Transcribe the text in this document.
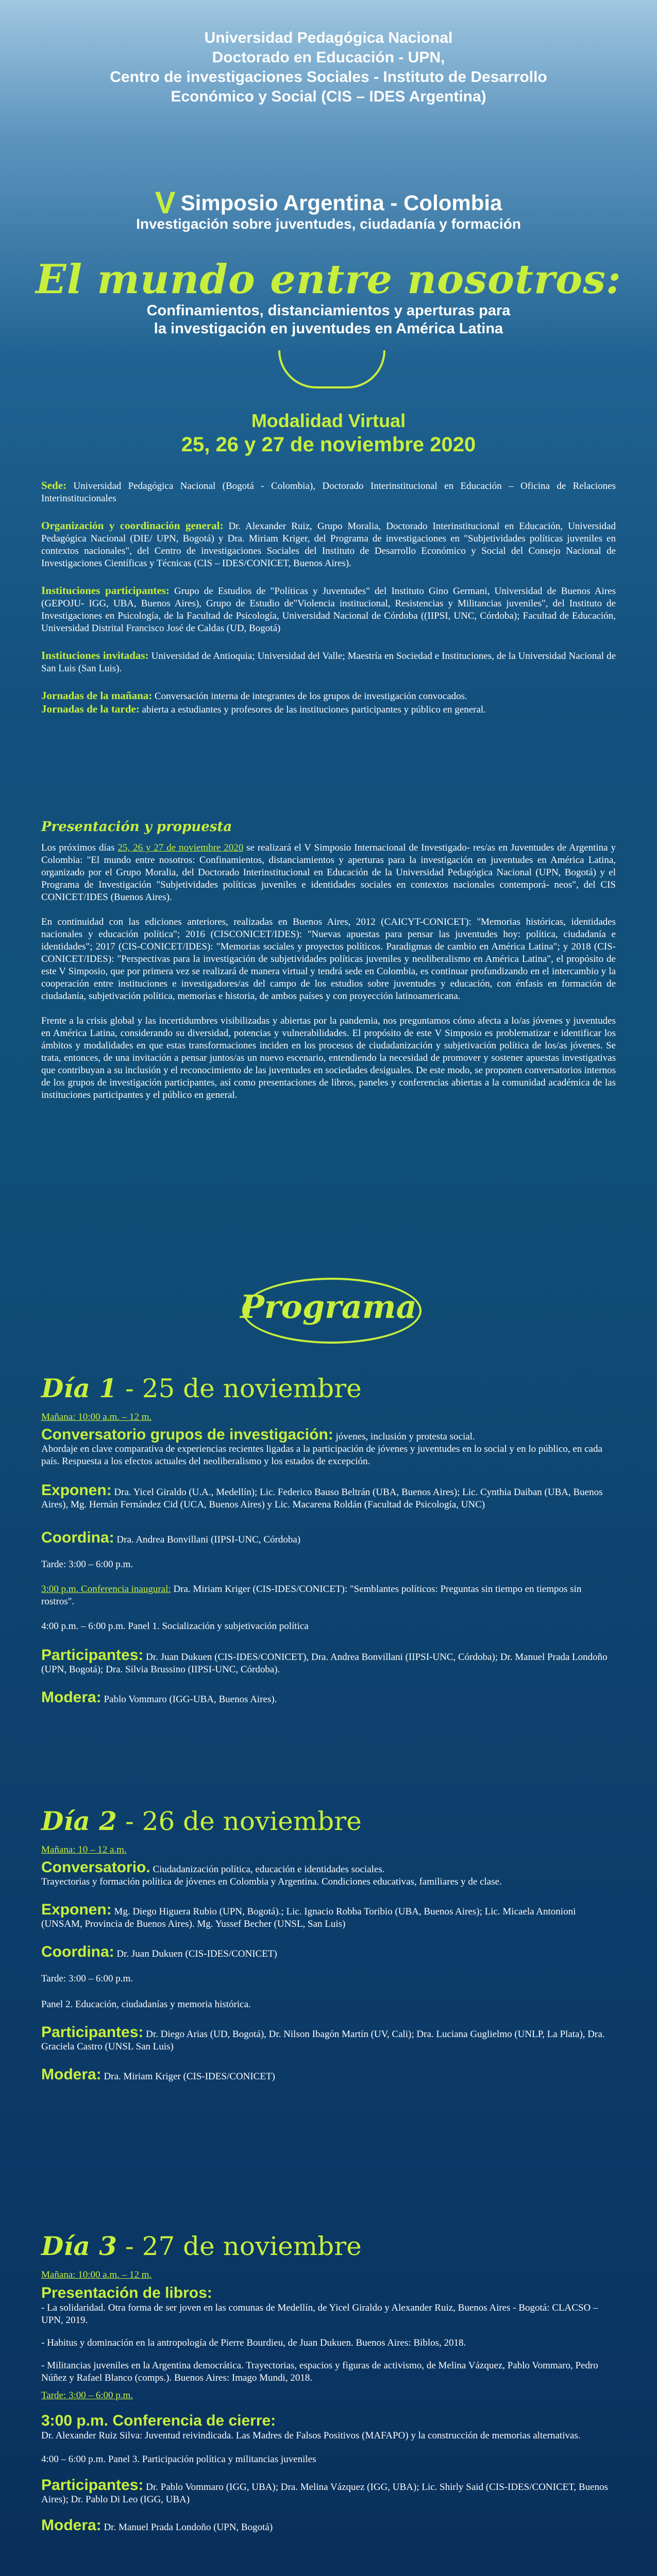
Universidad Pedagógica Nacional
Doctorado en Educación - UPN,
Centro de investigaciones Sociales - Instituto de Desarrollo
Económico y Social (CIS – IDES Argentina)
V Simposio Argentina - Colombia
Investigación sobre juventudes, ciudadanía y formación
El mundo entre nosotros:
Confinamientos, distanciamientos y aperturas para
la investigación en juventudes en América Latina
Modalidad Virtual
25, 26 y 27 de noviembre 2020

Sede: Universidad Pedagógica Nacional (Bogotá - Colombia), Doctorado Interinstitucional en Educación – Oficina de Relaciones Interinstitucionales

Organización y coordinación general: Dr. Alexander Ruiz, Grupo Moralia, Doctorado Interinstitucional en Educación, Universidad Pedagógica Nacional (DIE/ UPN, Bogotá) y Dra. Miriam Kriger, del Programa de investigaciones en "Subjetividades políticas juveniles en contextos nacionales", del Centro de investigaciones Sociales del Instituto de Desarrollo Económico y Social del Consejo Nacional de Investigaciones Científicas y Técnicas (CIS – IDES/CONICET, Buenos Aires).

Instituciones participantes: Grupo de Estudios de "Políticas y Juventudes" del Instituto Gino Germani, Universidad de Buenos Aires (GEPOJU- IGG, UBA, Buenos Aires), Grupo de Estudio de"Violencia institucional, Resistencias y Militancias juveniles", del Instituto de Investigaciones en Psicología, de la Facultad de Psicología, Universidad Nacional de Córdoba ((IIPSI, UNC, Córdoba); Facultad de Educación, Universidad Distrital Francisco José de Caldas (UD, Bogotá)

Instituciones invitadas: Universidad de Antioquia; Universidad del Valle; Maestría en Sociedad e Instituciones, de la Universidad Nacional de San Luis (San Luis).

Jornadas de la mañana: Conversación interna de integrantes de los grupos de investigación convocados.

Jornadas de la tarde: abierta a estudiantes y profesores de las instituciones participantes y público en general.

Presentación y propuesta

Los próximos días 25, 26 y 27 de noviembre 2020 se realizará el V Simposio Internacional de Investigado- res/as en Juventudes de Argentina y Colombia: "El mundo entre nosotros: Confinamientos, distanciamientos y aperturas para la investigación en juventudes en América Latina, organizado por el Grupo Moralia, del Doctorado Interinstitucional en Educación de la Universidad Pedagógica Nacional (UPN, Bogotá) y el Programa de Investigación "Subjetividades políticas juveniles e identidades sociales en contextos nacionales contemporá- neos", del CIS CONICET/IDES (Buenos Aires).

En continuidad con las ediciones anteriores, realizadas en Buenos Aires, 2012 (CAICYT-CONICET): "Memorias históricas, identidades nacionales y educación política"; 2016 (CISCONICET/IDES): "Nuevas apuestas para pensar las juventudes hoy: política, ciudadanía e identidades"; 2017 (CIS-CONICET/IDES): "Memorias sociales y proyectos políticos. Paradigmas de cambio en América Latina"; y 2018 (CIS-CONICET/IDES): "Perspectivas para la investigación de subjetividades políticas juveniles y neoliberalismo en América Latina", el propósito de este V Simposio, que por primera vez se realizará de manera virtual y tendrá sede en Colombia, es continuar profundizando en el intercambio y la cooperación entre instituciones e investigadores/as del campo de los estudios sobre juventudes y educación, con énfasis en formación de ciudadanía, subjetivación política, memorias e historia, de ambos países y con proyección latinoamericana.

Frente a la crisis global y las incertidumbres visibilizadas y abiertas por la pandemia, nos preguntamos cómo afecta a lo/as jóvenes y juventudes en América Latina, considerando su diversidad, potencias y vulnerabilidades. El propósito de este V Simposio es problematizar e identificar los ámbitos y modalidades en que estas transformaciones inciden en los procesos de ciudadanización y subjetivación política de los/as jóvenes. Se trata, entonces, de una invitación a pensar juntos/as un nuevo escenario, entendiendo la necesidad de promover y sostener apuestas investigativas que contribuyan a su inclusión y el reconocimiento de las juventudes en sociedades desiguales. De este modo, se proponen conversatorios internos de los grupos de investigación participantes, así como presentaciones de libros, paneles y conferencias abiertas a la comunidad académica de las instituciones participantes y el público en general.

Programa
Día 1 - 25 de noviembre
Mañana: 10:00 a.m. – 12 m.
Conversatorio grupos de investigación: jóvenes, inclusión y protesta social.
Abordaje en clave comparativa de experiencias recientes ligadas a la participación de jóvenes y juventudes en lo social y en lo público, en cada país. Respuesta a los efectos actuales del neoliberalismo y los estados de excepción.
Exponen: Dra. Yicel Giraldo (U.A., Medellín); Lic. Federico Bauso Beltrán (UBA, Buenos Aires); Lic. Cynthia Daiban (UBA, Buenos Aires), Mg. Hernán Fernández Cid (UCA, Buenos Aires) y Lic. Macarena Roldán (Facultad de Psicología, UNC)
Coordina: Dra. Andrea Bonvillani (IIPSI-UNC, Córdoba)
Tarde: 3:00 – 6:00 p.m.
3:00 p.m. Conferencia inaugural: Dra. Miriam Kriger (CIS-IDES/CONICET): "Semblantes políticos: Preguntas sin tiempo en tiempos sin rostros".
4:00 p.m. – 6:00 p.m. Panel 1. Socialización y subjetivación política
Participantes: Dr. Juan Dukuen (CIS-IDES/CONICET), Dra. Andrea Bonvillani (IIPSI-UNC, Córdoba); Dr. Manuel Prada Londoño (UPN, Bogotá); Dra. Silvia Brussino (IIPSI-UNC, Córdoba).
Modera: Pablo Vommaro (IGG-UBA, Buenos Aires).
Día 2 - 26 de noviembre
Mañana: 10 – 12 a.m.
Conversatorio. Ciudadanización política, educación e identidades sociales.
Trayectorias y formación política de jóvenes en Colombia y Argentina. Condiciones educativas, familiares y de clase.
Exponen: Mg. Diego Higuera Rubio (UPN, Bogotá).; Lic. Ignacio Robba Toribio (UBA, Buenos Aires); Lic. Micaela Antonioni (UNSAM, Provincia de Buenos Aires). Mg. Yussef Becher (UNSL, San Luis)
Coordina: Dr. Juan Dukuen (CIS-IDES/CONICET)
Tarde: 3:00 – 6:00 p.m.
Panel 2. Educación, ciudadanías y memoria histórica.
Participantes: Dr. Diego Arias (UD, Bogotá), Dr. Nilson Ibagón Martín (UV, Cali); Dra. Luciana Guglielmo (UNLP, La Plata), Dra. Graciela Castro (UNSL San Luis)
Modera: Dra. Miriam Kriger (CIS-IDES/CONICET)
Día 3 - 27 de noviembre
Mañana: 10:00 a.m. – 12 m.
Presentación de libros:
- La solidaridad. Otra forma de ser joven en las comunas de Medellín, de Yicel Giraldo y Alexander Ruiz, Buenos Aires - Bogotá: CLACSO – UPN, 2019.
- Habitus y dominación en la antropología de Pierre Bourdieu, de Juan Dukuen. Buenos Aires: Biblos, 2018.
- Militancias juveniles en la Argentina democrática. Trayectorias, espacios y figuras de activismo, de Melina Vázquez, Pablo Vommaro, Pedro Núñez y Rafael Blanco (comps.). Buenos Aires: Imago Mundi, 2018.
Tarde: 3:00 – 6:00 p.m.
3:00 p.m. Conferencia de cierre:
Dr. Alexander Ruiz Silva: Juventud reivindicada. Las Madres de Falsos Positivos (MAFAPO) y la construcción de memorias alternativas.
4:00 – 6:00 p.m. Panel 3. Participación política y militancias juveniles
Participantes: Dr. Pablo Vommaro (IGG, UBA); Dra. Melina Vázquez (IGG, UBA); Lic. Shirly Said (CIS-IDES/CONICET, Buenos Aires); Dr. Pablo Di Leo (IGG, UBA)
Modera: Dr. Manuel Prada Londoño (UPN, Bogotá)
